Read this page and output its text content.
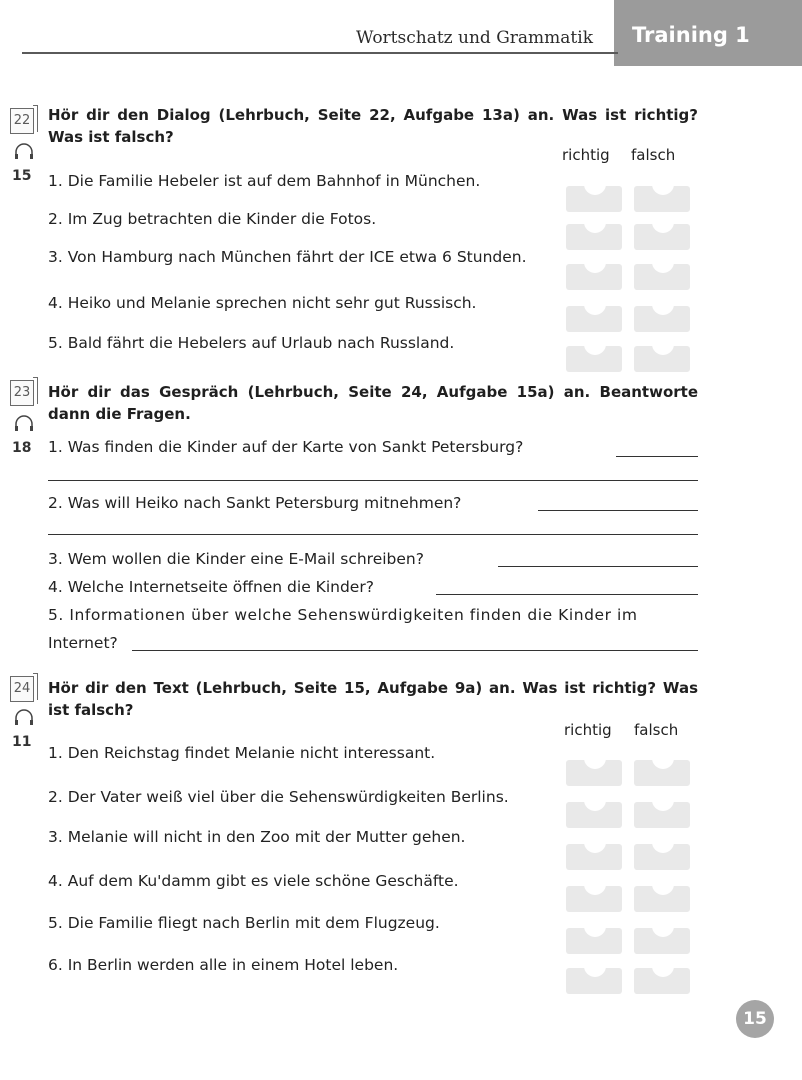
Wortschatz und Grammatik	Training 1
22
15
Hör dir den Dialog (Lehrbuch, Seite 22, Aufgabe 13a) an. Was ist richtig? Was ist falsch?
richtig falsch
1. Die Familie Hebeler ist auf dem Bahnhof in München.
2. Im Zug betrachten die Kinder die Fotos.
3. Von Hamburg nach München fährt der ICE etwa 6 Stunden.
4. Heiko und Melanie sprechen nicht sehr gut Russisch.
5. Bald fährt die Hebelers auf Urlaub nach Russland.
23
18
Hör dir das Gespräch (Lehrbuch, Seite 24, Aufgabe 15a) an. Beantworte dann die Fragen.
1. Was finden die Kinder auf der Karte von Sankt Petersburg?
2. Was will Heiko nach Sankt Petersburg mitnehmen?
3. Wem wollen die Kinder eine E-Mail schreiben?
4. Welche Internetseite öffnen die Kinder?
5. Informationen über welche Sehenswürdigkeiten finden die Kinder im
Internet?
24
11
Hör dir den Text (Lehrbuch, Seite 15, Aufgabe 9a) an. Was ist richtig? Was ist falsch?
richtig falsch
1. Den Reichstag findet Melanie nicht interessant.
2. Der Vater weiß viel über die Sehenswürdigkeiten Berlins.
3. Melanie will nicht in den Zoo mit der Mutter gehen.
4. Auf dem Ku'damm gibt es viele schöne Geschäfte.
5. Die Familie fliegt nach Berlin mit dem Flugzeug.
6. In Berlin werden alle in einem Hotel leben.
15
